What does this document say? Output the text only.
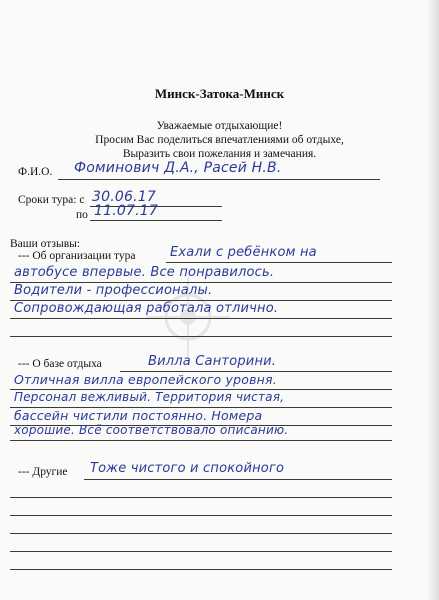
Минск-Затока-Минск
Уважаемые отдыхающие!
Просим Вас поделиться впечатлениями об отдыхе,
Выразить свои пожелания и замечания.
Ф.И.О. Фоминович Д.А., Расей Н.В.
Сроки тура: с 30.06.17
по 11.07.17
Ваши отзывы:
--- Об организации тура	Ехали с ребёнком на
автобусе впервые. Все понравилось.
Водители - профессионалы.
Сопровождающая работала отлично.
--- О базе отдыха	Вилла Санторини.
Отличная вилла европейского уровня.
Персонал вежливый. Территория чистая,
бассейн чистили постоянно. Номера
хорошие. Всё соответствовало описанию.
--- Другие Тоже чистого и спокойного
